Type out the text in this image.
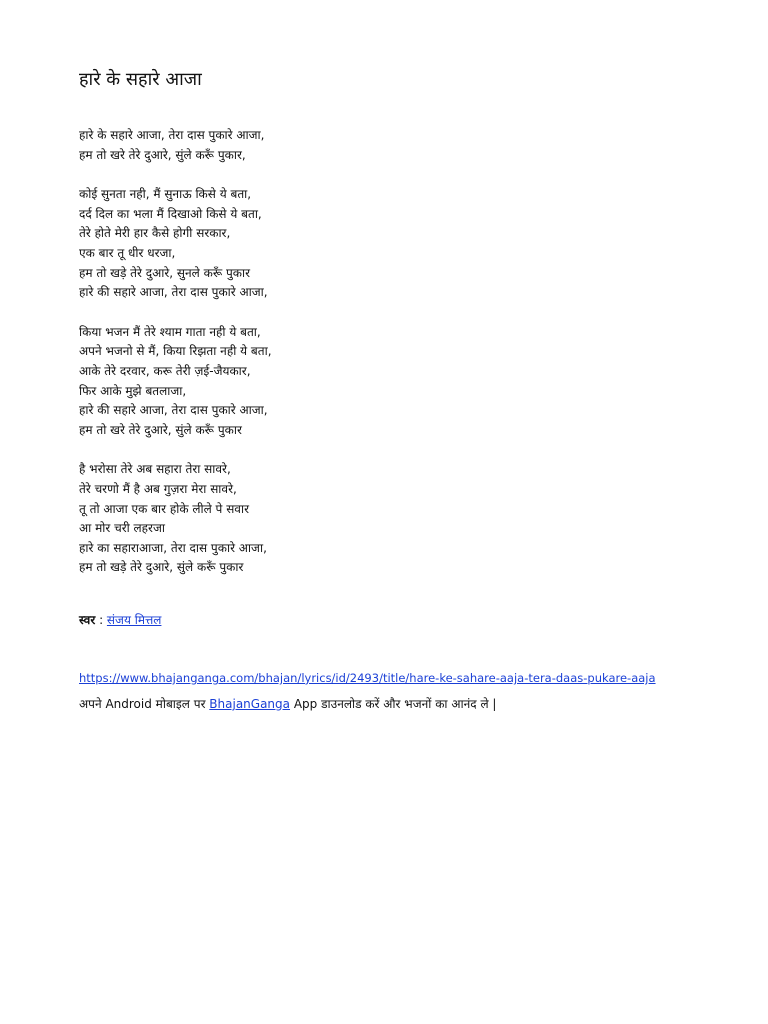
हारे के सहारे आजा
हारे के सहारे आजा, तेरा दास पुकारे आजा,
हम तो खरे तेरे दुआरे, सुंले करूँ पुकार,
कोई सुनता नही, मैं सुनाऊ किसे ये बता,
दर्द दिल का भला मैं दिखाओ किसे ये बता,
तेरे होते मेरी हार कैसे होगी सरकार,
एक बार तू धीर धरजा,
हम तो खड़े तेरे दुआरे, सुनले करूँ पुकार
हारे की सहारे आजा, तेरा दास पुकारे आजा,
किया भजन मैं तेरे श्याम गाता नही ये बता,
अपने भजनो से मैं, किया रिझता नही ये बता,
आके तेरे दरवार, करू तेरी ज़ई-जैयकार,
फिर आके मुझे बतलाजा,
हारे की सहारे आजा, तेरा दास पुकारे आजा,
हम तो खरे तेरे दुआरे, सुंले करूँ पुकार
है भरोसा तेरे अब सहारा तेरा सावरे,
तेरे चरणो मैं है अब गुज़रा मेरा सावरे,
तू तो आजा एक बार होके लीले पे सवार
आ मोर चरी लहरजा
हारे का सहाराआजा, तेरा दास पुकारे आजा,
हम तो खड़े तेरे दुआरे, सुंले करूँ पुकार
स्वर : संजय मित्तल
https://www.bhajanganga.com/bhajan/lyrics/id/2493/title/hare-ke-sahare-aaja-tera-daas-pukare-aaja
अपने Android मोबाइल पर BhajanGanga App डाउनलोड करें और भजनों का आनंद ले |
